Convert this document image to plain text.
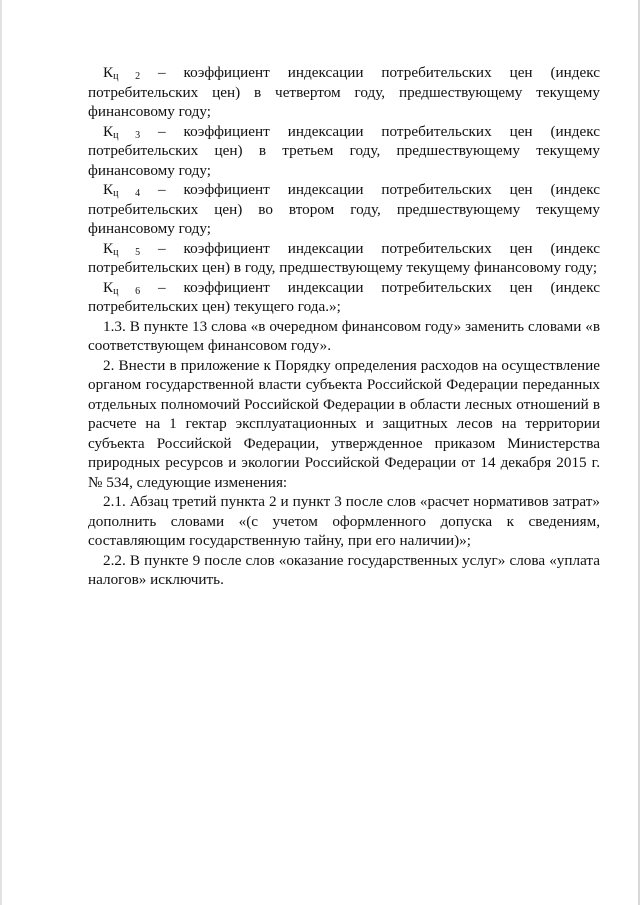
$К_{ц 2}$ – коэффициент индексации потребительских цен (индекс потребительских цен) в четвертом году, предшествующему текущему финансовому году;

$К_{ц 3}$ – коэффициент индексации потребительских цен (индекс потребительских цен) в третьем году, предшествующему текущему финансовому году;

$К_{ц 4}$ – коэффициент индексации потребительских цен (индекс потребительских цен) во втором году, предшествующему текущему финансовому году;

$К_{ц 5}$ – коэффициент индексации потребительских цен (индекс потребительских цен) в году, предшествующему текущему финансовому году;

$К_{ц 6}$ – коэффициент индексации потребительских цен (индекс потребительских цен) текущего года.»;

1.3. В пункте 13 слова «в очередном финансовом году» заменить словами «в соответствующем финансовом году».

2. Внести в приложение к Порядку определения расходов на осуществление органом государственной власти субъекта Российской Федерации переданных отдельных полномочий Российской Федерации в области лесных отношений в расчете на 1 гектар эксплуатационных и защитных лесов на территории субъекта Российской Федерации, утвержденное приказом Министерства природных ресурсов и экологии Российской Федерации от 14 декабря 2015 г. № 534, следующие изменения:

2.1. Абзац третий пункта 2 и пункт 3 после слов «расчет нормативов затрат» дополнить словами «(с учетом оформленного допуска к сведениям, составляющим государственную тайну, при его наличии)»;

2.2. В пункте 9 после слов «оказание государственных услуг» слова «уплата налогов» исключить.
